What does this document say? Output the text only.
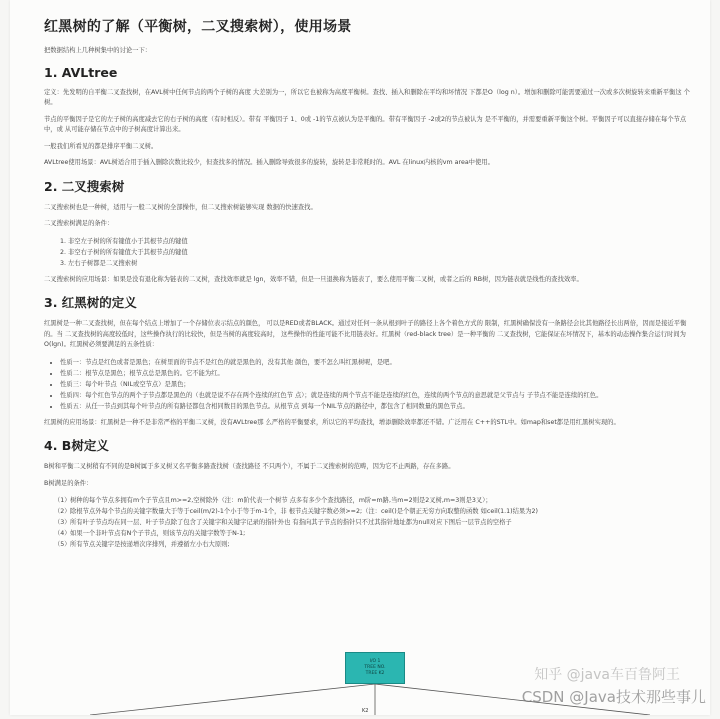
红黑树的了解（平衡树，二叉搜索树），使用场景

把数据结构上几种树集中的讨论一下：

1. AVLtree

定义：先发明的自平衡二叉查找树，在AVL树中任何节点的两个子树的高度 大差别为一，所以它也被称为高度平衡树。查找、插入和删除在平均和坏情况 下都是O（log n）。增加和删除可能需要通过一次或多次树旋转来重新平衡这 个树。

节点的平衡因子是它的左子树的高度减去它的右子树的高度（有时相反）。带有 平衡因子 1、0或 -1的节点被认为是平衡的。带有平衡因子 -2或2的节点被认为 是不平衡的，并需要重新平衡这个树。平衡因子可以直接存储在每个节点中，或 从可能存储在节点中的子树高度计算出来。

一般我们所看见的都是排序平衡二叉树。

AVLtree使用场景：AVL树适合用于插入删除次数比较少，但查找多的情况。插入删除导致很多的旋转，旋转是非常耗时的。AVL 在linux内核的vm area中使用。

2. 二叉搜索树

二叉搜索树也是一种树，适用与一般二叉树的全部操作，但二叉搜索树能够实现 数据的快速查找。

二叉搜索树满足的条件：

1. 非空左子树的所有键值小于其根节点的键值
2. 非空右子树的所有键值大于其根节点的键值
3. 左右子树都是二叉搜索树

二叉搜索树的应用场景：如果是没有退化称为链表的二叉树，查找效率就是 lgn，效率不错，但是一旦退换称为链表了，要么使用平衡二叉树，或者之后的 RB树，因为链表就是线性的查找效率。

3. 红黑树的定义

红黑树是一种二叉查找树，但在每个结点上增加了一个存储位表示结点的颜色， 可以是RED或者BLACK。通过对任何一条从根到叶子的路径上各个着色方式的 限制，红黑树确保没有一条路径会比其他路径长出两倍，因而是接近平衡的。当 二叉查找树的高度较低时，这些操作执行的比较快，但是当树的高度较高时， 这些操作的性能可能不比用链表好。红黑树（red-black tree）是一种平衡的 二叉查找树，它能保证在坏情况下，基本的动态操作集合运行时间为O(lgn)。红黑树必须要满足的五条性质：

• 性质一：节点是红色或者是黑色；在树里面的节点不是红色的就是黑色的，没有其他 颜色，要不怎么叫红黑树呢，是吧。
• 性质二：根节点是黑色；根节点总是黑色的。它不能为红。
• 性质三：每个叶节点（NIL或空节点）是黑色；
• 性质四：每个红色节点的两个子节点都是黑色的（也就是说不存在两个连续的红色节 点）；就是连续的两个节点不能是连续的红色，连续的两个节点的意思就是父节点与 子节点不能是连续的红色。
• 性质五：从任一节点到其每个叶节点的所有路径都包含相同数目的黑色节点。从根节点 到每一个NIL节点的路径中，都包含了相同数量的黑色节点。

红黑树的应用场景：红黑树是一种不是非常严格的平衡二叉树，没有AVLtree那 么严格的平衡要求，所以它的平均查找，增添删除效率都还不错。广泛用在 C++的STL中。如map和set都是用红黑树实现的。

4. B树定义

B树和平衡二叉树稍有不同的是B树属于多叉树又名平衡多路查找树（查找路径 不只两个），不属于二叉搜索树的范畴，因为它不止两路，存在多路。

B树满足的条件：

（1） 树种的每个节点多拥有m个子节点且m>=2,空树除外（注：m阶代表一个树节 点多有多少个查找路径，m阶=m路,当m=2则是2叉树,m=3则是3叉）；
（2） 除根节点外每个节点的关键字数量大于等于ceil(m/2)-1个小于等于m-1个，非 根节点关键字数必须>=2;（注：ceil()是个朝正无穷方向取整的函数 如ceil(1.1)结果为2)
（3） 所有叶子节点均在同一层、叶子节点除了包含了关键字和关键字记录的指针外也 有指向其子节点的指针只不过其指针地址都为null对应下图后一层节点的空格子
（4） 如果一个非叶节点有N个子节点，则该节点的关键字数等于N-1;
（5） 所有节点关键字是按递增次序排列，并遵循左小右大原则;
K2
I/O 1
TREE NO.
TREE K2	知乎 @java车百鲁阿王
CSDN @Java技术那些事儿
